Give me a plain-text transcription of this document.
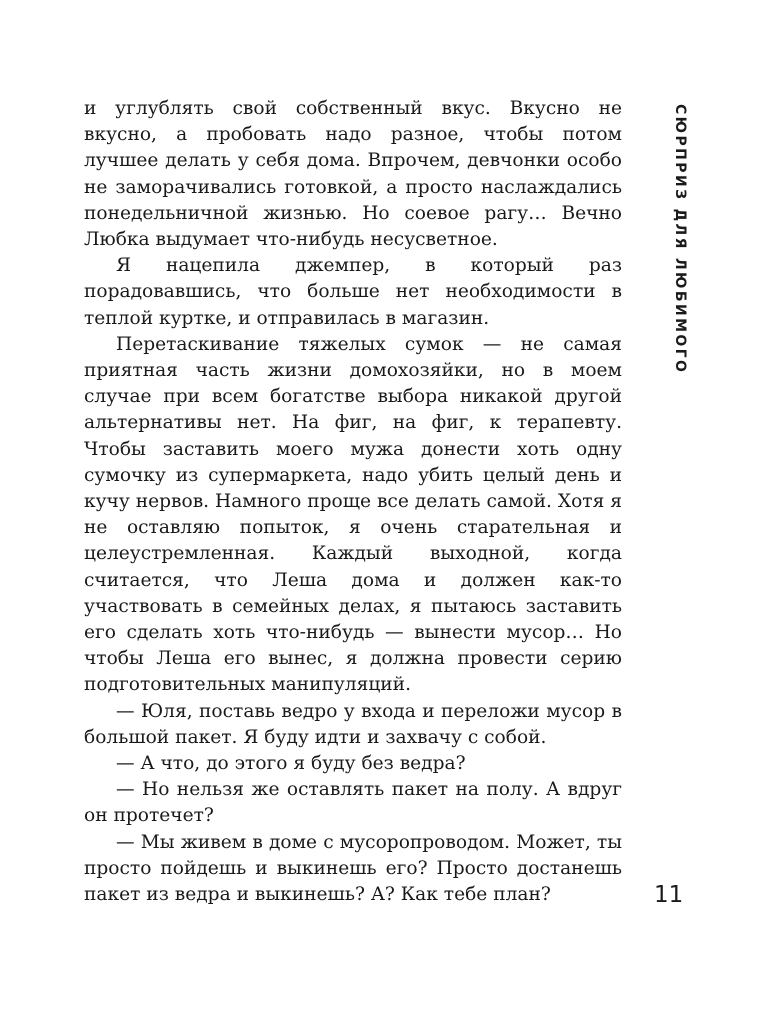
и углублять свой собственный вкус. Вкусно не вкусно, а пробовать надо разное, чтобы потом лучшее делать у себя дома. Впрочем, девчонки особо не заморачивались готовкой, а просто наслаждались понедельничной жизнью. Но соевое рагу… Вечно Любка выдумает что-нибудь несусветное.

Я нацепила джемпер, в который раз порадовавшись, что больше нет необходимости в теплой куртке, и отправилась в магазин.

Перетаскивание тяжелых сумок — не самая приятная часть жизни домохозяйки, но в моем случае при всем богатстве выбора никакой другой альтернативы нет. На фиг, на фиг, к терапевту. Чтобы заставить моего мужа донести хоть одну сумочку из супермаркета, надо убить целый день и кучу нервов. Намного проще все делать самой. Хотя я не оставляю попыток, я очень старательная и целеустремленная. Каждый выходной, когда считается, что Леша дома и должен как-то участвовать в семейных делах, я пытаюсь заставить его сделать хоть что-нибудь — вынести мусор… Но чтобы Леша его вынес, я должна провести серию подготовительных манипуляций.

— Юля, поставь ведро у входа и переложи мусор в большой пакет. Я буду идти и захвачу с собой.

— А что, до этого я буду без ведра?

— Но нельзя же оставлять пакет на полу. А вдруг он протечет?

— Мы живем в доме с мусоропроводом. Может, ты просто пойдешь и выкинешь его? Просто достанешь пакет из ведра и выкинешь? А? Как тебе план?

СЮРПРИЗ ДЛЯ ЛЮБИМОГО
11
